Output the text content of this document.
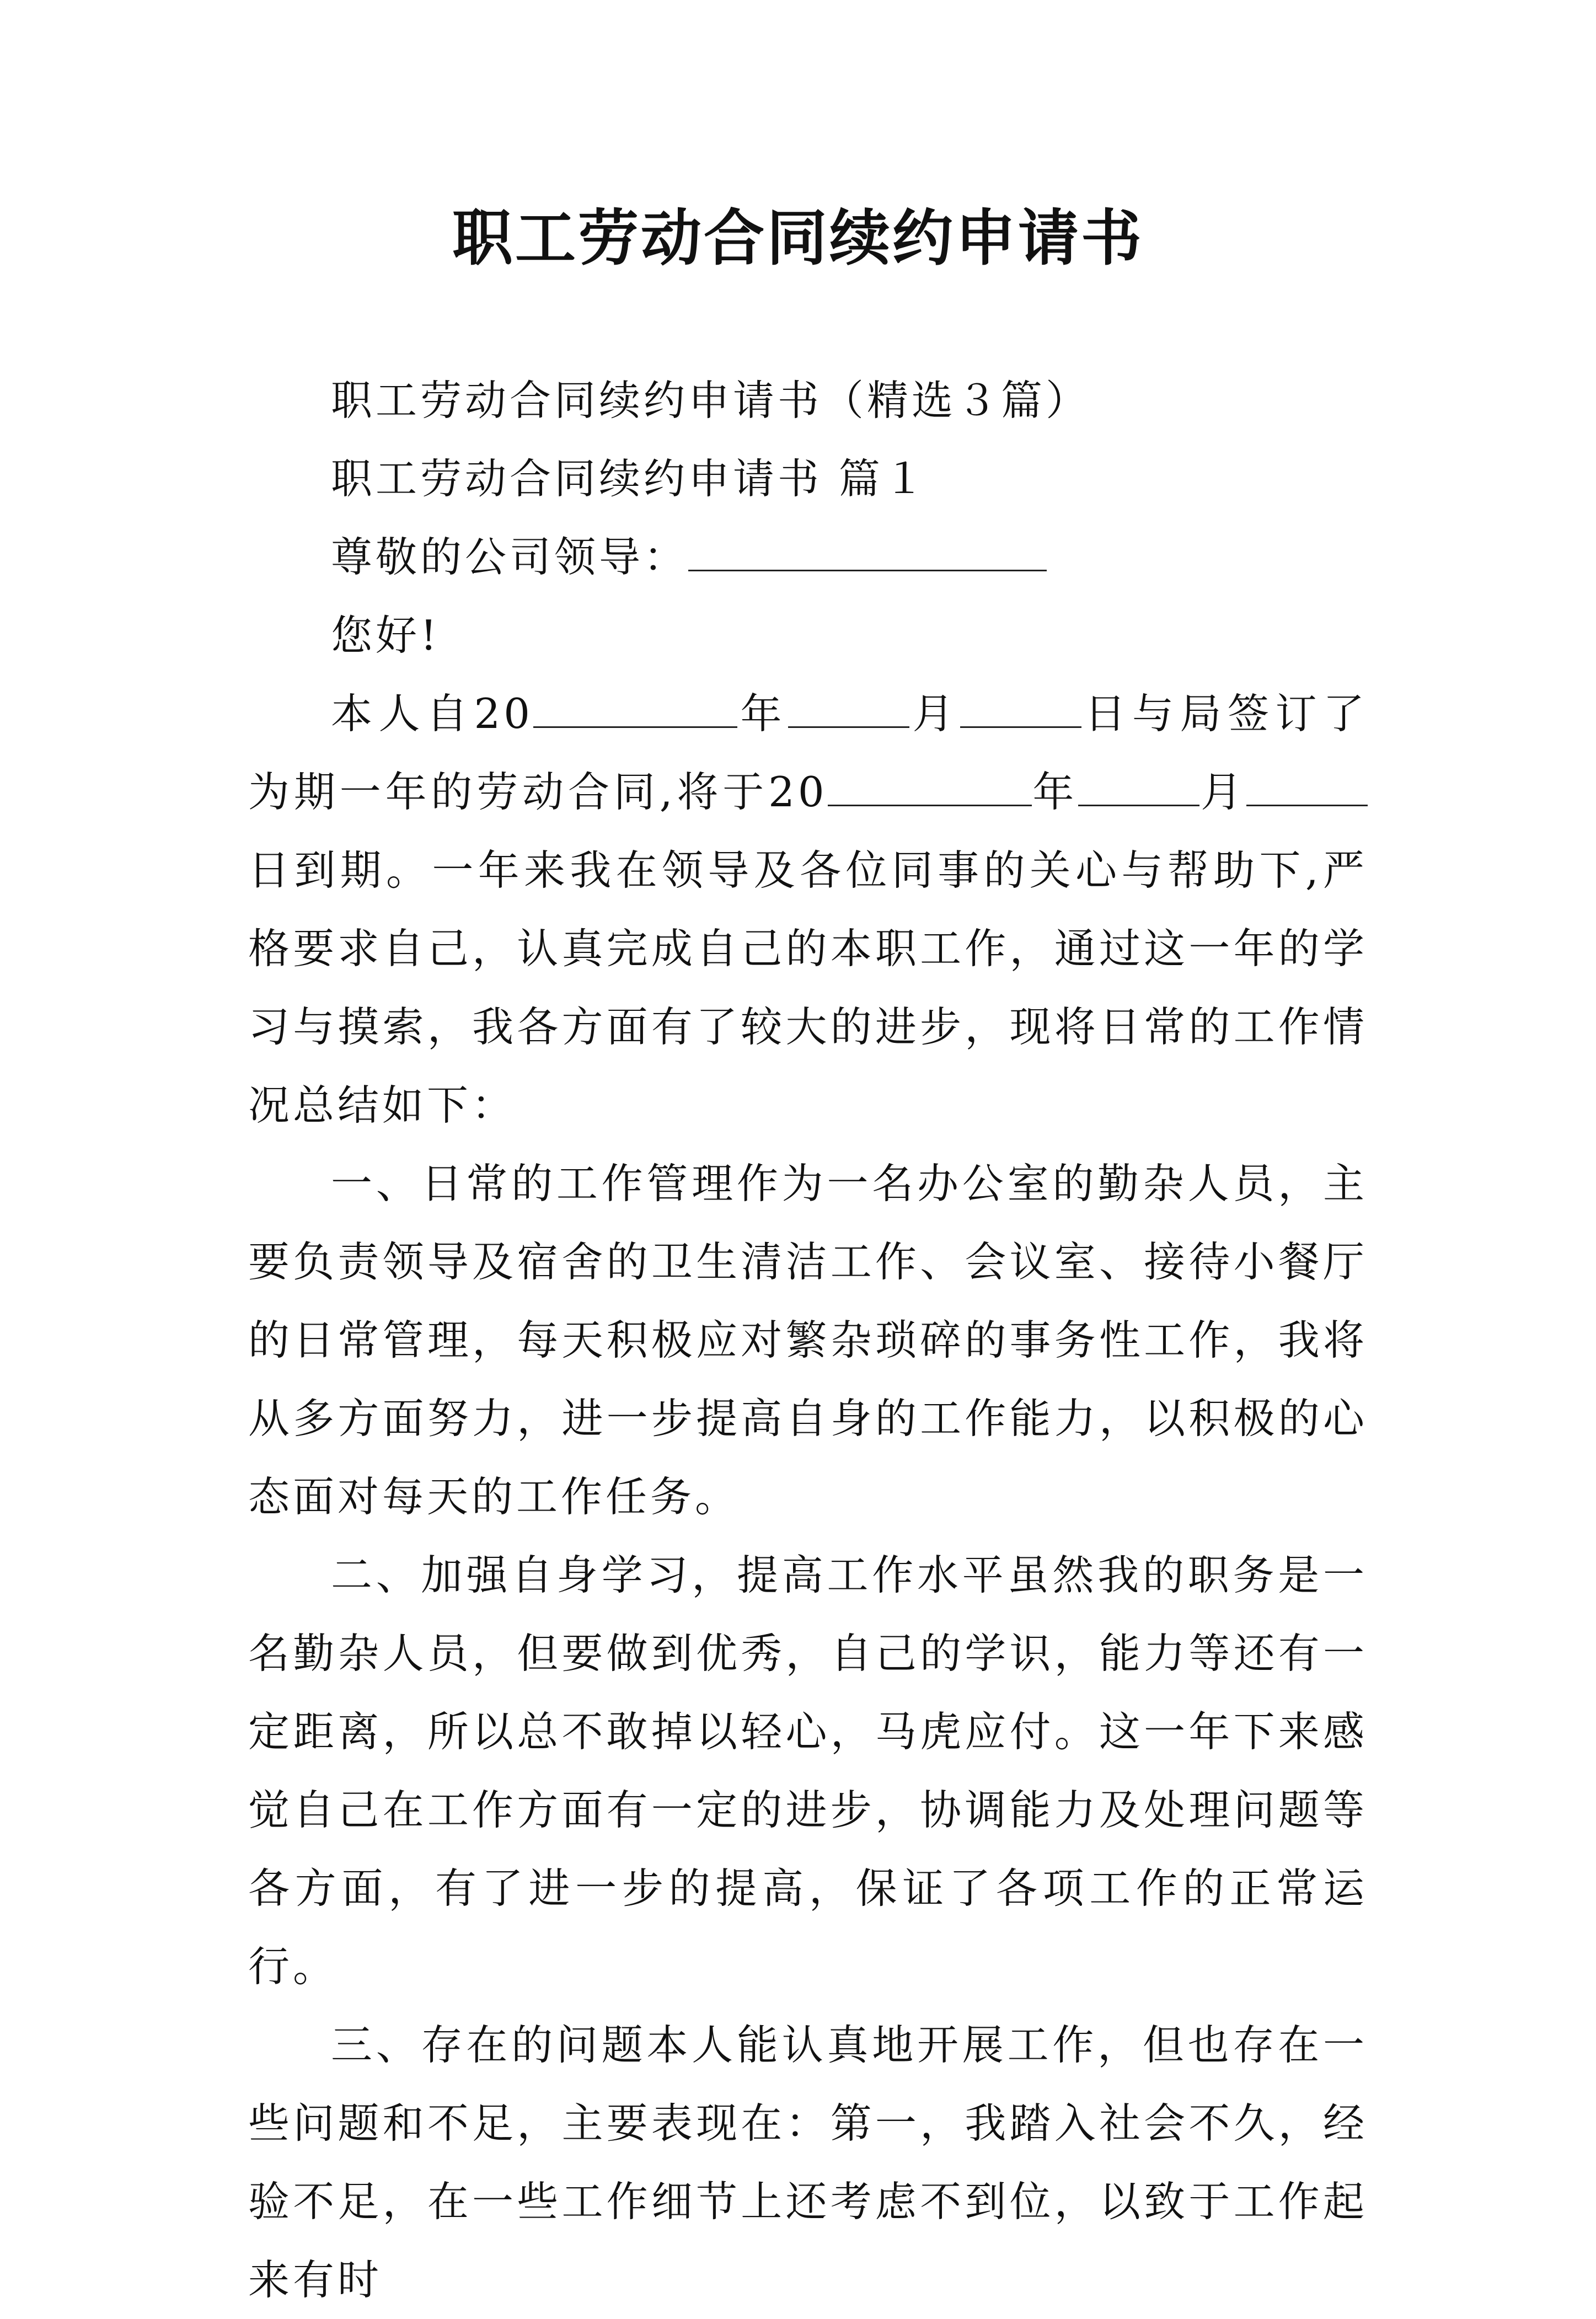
职工劳动合同续约申请书

职工劳动合同续约申请书（精选３篇）

职工劳动合同续约申请书 篇１

尊敬的公司领导：

您好!

本人自20	年	月	日与局签订了为期一年的劳动合同,将于20	年	月日到期。一年来我在领导及各位同事的关心与帮助下,严格要求自己，认真完成自己的本职工作，通过这一年的学习与摸索，我各方面有了较大的进步，现将日常的工作情况总结如下：

一、日常的工作管理作为一名办公室的勤杂人员，主要负责领导及宿舍的卫生清洁工作、会议室、接待小餐厅的日常管理，每天积极应对繁杂琐碎的事务性工作，我将从多方面努力，进一步提高自身的工作能力，以积极的心态面对每天的工作任务。

二、加强自身学习，提高工作水平虽然我的职务是一名勤杂人员，但要做到优秀，自己的学识，能力等还有一定距离，所以总不敢掉以轻心，马虎应付。这一年下来感觉自己在工作方面有一定的进步，协调能力及处理问题等各方面，有了进一步的提高，保证了各项工作的正常运行。

三、存在的问题本人能认真地开展工作，但也存在一些问题和不足，主要表现在：第一，我踏入社会不久，经验不足，在一些工作细节上还考虑不到位，以致于工作起来有时
